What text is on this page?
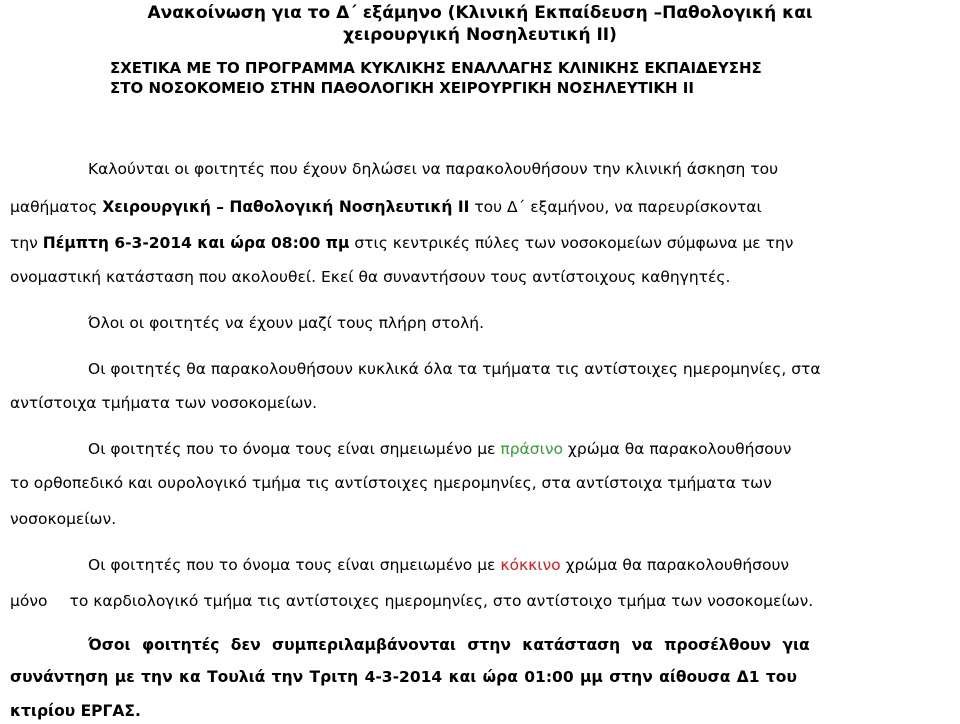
Ανακοίνωση για το Δ΄ εξάμηνο (Κλινική Εκπαίδευση –Παθολογική και
χειρουργική Νοσηλευτική ΙΙ)
ΣΧΕΤΙΚΑ ΜΕ ΤΟ ΠΡΟΓΡΑΜΜΑ ΚΥΚΛΙΚΗΣ ΕΝΑΛΛΑΓΗΣ ΚΛΙΝΙΚΗΣ ΕΚΠΑΙΔΕΥΣΗΣ
ΣΤΟ ΝΟΣΟΚΟΜΕΙΟ ΣΤΗΝ ΠΑΘΟΛΟΓΙΚΗ ΧΕΙΡΟΥΡΓΙΚΗ ΝΟΣΗΛΕΥΤΙΚΗ ΙΙ
Καλούνται οι φοιτητές που έχουν δηλώσει να παρακολουθήσουν την κλινική άσκηση του
μαθήματος Χειρουργική – Παθολογική Νοσηλευτική ΙΙ του Δ΄ εξαμήνου, να παρευρίσκονται
την Πέμπτη 6-3-2014 και ώρα 08:00 πμ στις κεντρικές πύλες των νοσοκομείων σύμφωνα με την
ονομαστική κατάσταση που ακολουθεί. Εκεί θα συναντήσουν τους αντίστοιχους καθηγητές.
Όλοι οι φοιτητές να έχουν μαζί τους πλήρη στολή.
Οι φοιτητές θα παρακολουθήσουν κυκλικά όλα τα τμήματα τις αντίστοιχες ημερομηνίες, στα
αντίστοιχα τμήματα των νοσοκομείων.
Οι φοιτητές που το όνομα τους είναι σημειωμένο με πράσινο χρώμα θα παρακολουθήσουν
το ορθοπεδικό και ουρολογικό τμήμα τις αντίστοιχες ημερομηνίες, στα αντίστοιχα τμήματα των
νοσοκομείων.
Οι φοιτητές που το όνομα τους είναι σημειωμένο με κόκκινο χρώμα θα παρακολουθήσουν
μόνο το καρδιολογικό τμήμα τις αντίστοιχες ημερομηνίες, στο αντίστοιχο τμήμα των νοσοκομείων.
Όσοι φοιτητές δεν συμπεριλαμβάνονται στην κατάσταση να προσέλθουν για
συνάντηση με την κα Τουλιά την Τριτη 4-3-2014 και ώρα 01:00 μμ στην αίθουσα Δ1 του
κτιρίου ΕΡΓΑΣ.
